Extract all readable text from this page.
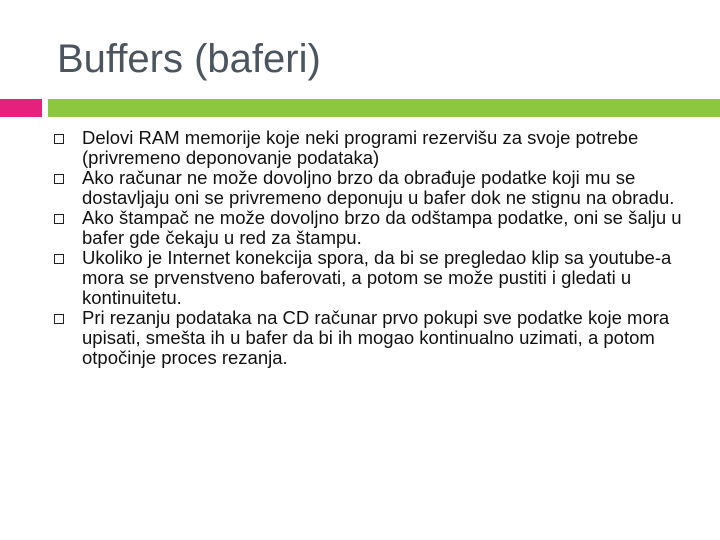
Buffers (baferi)
Delovi RAM memorije koje neki programi rezervišu za svoje potrebe (privremeno deponovanje podataka)
Ako računar ne može dovoljno brzo da obrađuje podatke koji mu se dostavljaju oni se privremeno deponuju u bafer dok ne stignu na obradu.
Ako štampač ne može dovoljno brzo da odštampa podatke, oni se šalju u bafer gde čekaju u red za štampu.
Ukoliko je Internet konekcija spora, da bi se pregledao klip sa youtube-a mora se prvenstveno baferovati, a potom se može pustiti i gledati u kontinuitetu.
Pri rezanju podataka na CD računar prvo pokupi sve podatke koje mora upisati, smešta ih u bafer da bi ih mogao kontinualno uzimati, a potom otpočinje proces rezanja.
